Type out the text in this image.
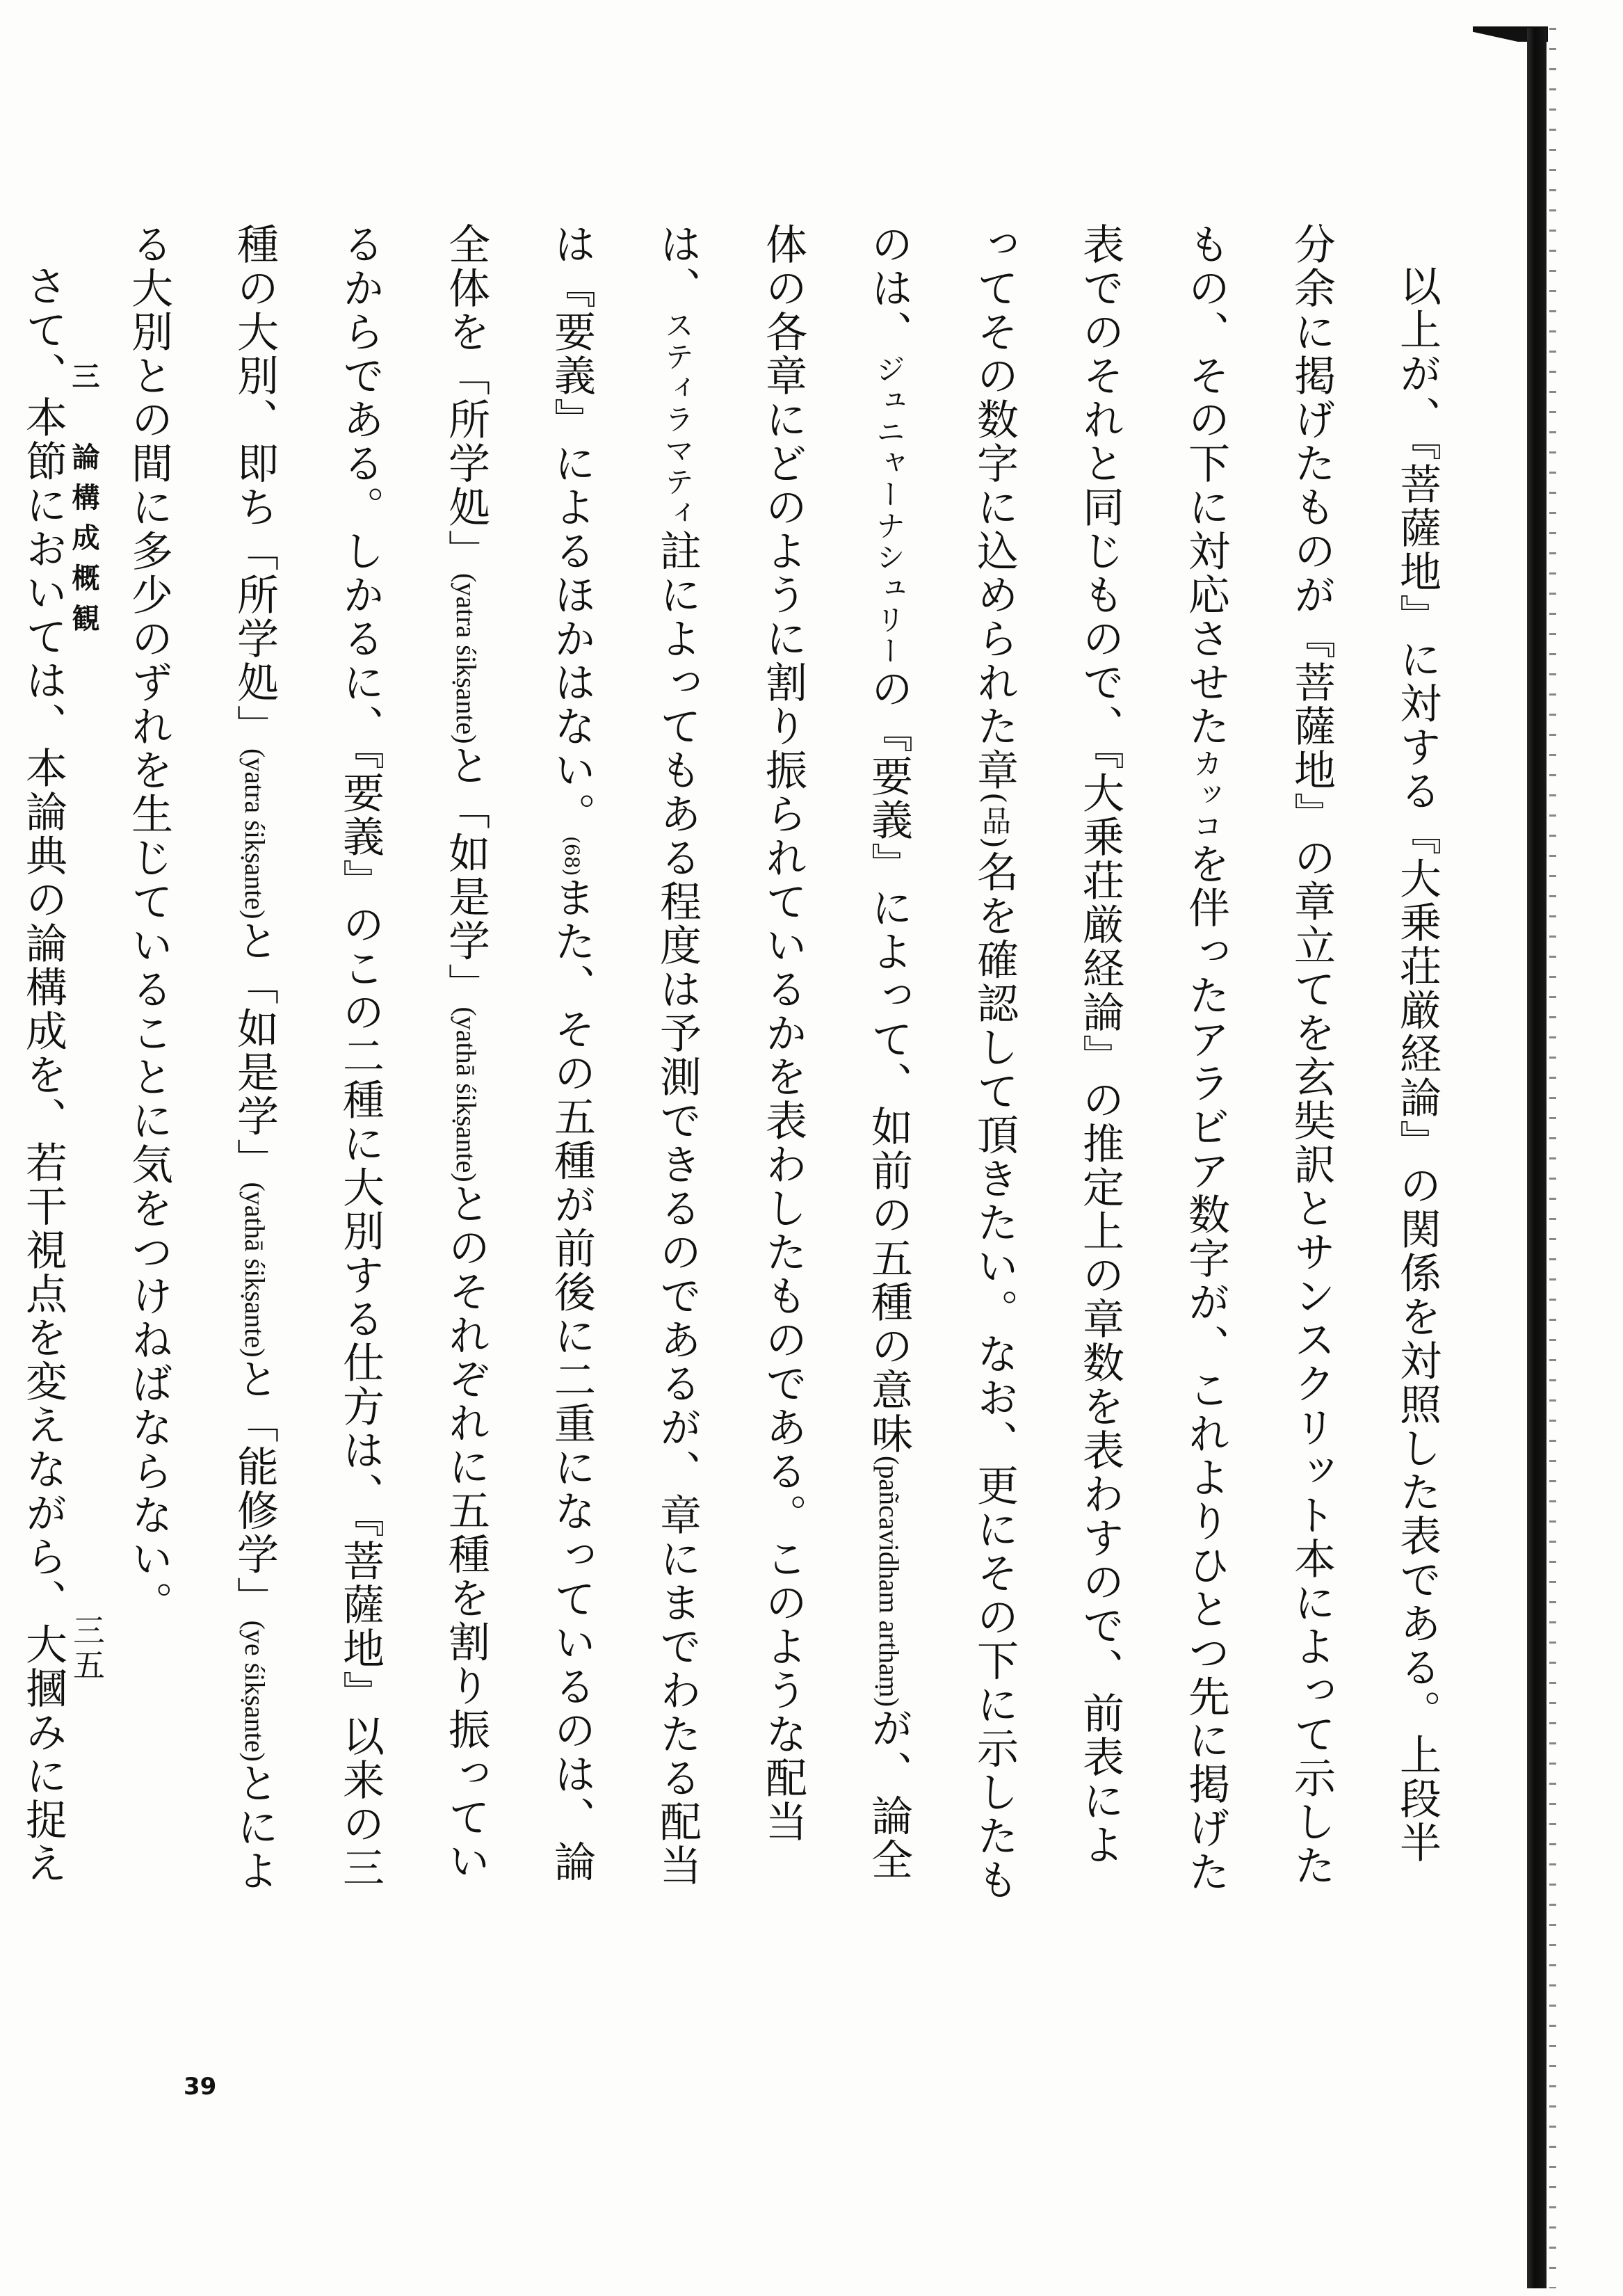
以上が、『菩薩地』に対する『大乗荘厳経論』の関係を対照した表である。上段半分余に掲げたものが『菩薩地』の章立てを玄奘訳とサンスクリット本によって示したもの、その下に対応させたカッコを伴ったアラビア数字が、これよりひとつ先に掲げた表でのそれと同じもので、『大乗荘厳経論』の推定上の章数を表わすので、前表によってその数字に込められた章(品)名を確認して頂きたい。なお、更にその下に示したものは、ジュニャーナシュリーの『要義』によって、如前の五種の意味(pañcavidham arthaṃ)が、論全体の各章にどのように割り振られているかを表わしたものである。このような配当は、スティラマティ註によってもある程度は予測できるのであるが、章にまでわたる配当は『要義』によるほかはない。(68)また、その五種が前後に二重になっているのは、論全体を「所学処」(yatra śikṣante)と「如是学」(yathā śikṣante)とのそれぞれに五種を割り振っているからである。しかるに、『要義』のこの二種に大別する仕方は、『菩薩地』以来の三種の大別、即ち「所学処」(yatra śikṣante)と「如是学」(yathā śikṣante)と「能修学」(ye śikṣante)とによる大別との間に多少のずれを生じていることに気をつけねばならない。

さて、本節においては、本論典の論構成を、若干視点を変えながら、大摑みに捉え

三　論構成概観

三五

39
